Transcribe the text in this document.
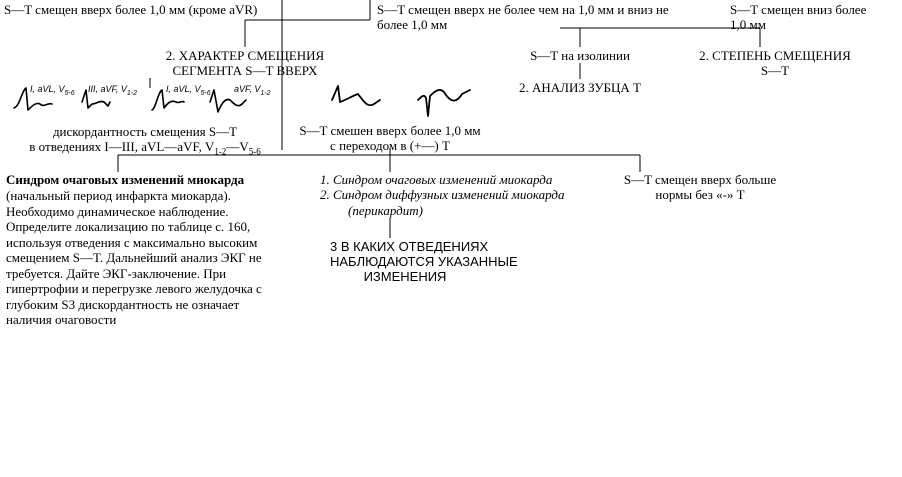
S—T смещен вверх более 1,0 мм (кроме aVR)	S—T смещен вверх не более чем на 1,0 мм и вниз не

более 1,0 мм

S—T смещен вниз более

1,0 мм

2. ХАРАКТЕР СМЕЩЕНИЯ

СЕГМЕНТА S—T ВВЕРХ

S—T на изолинии

2. АНАЛИЗ ЗУБЦА Т

2. СТЕПЕНЬ СМЕЩЕНИЯ

S—T

I, aVL, $V_{5-6}$ III, aVF, $V_{1-2}$	I, aVL, $V_{5-6}$	aVF, $V_{1-2}$

дискордантность смещения S—T

в отведениях I—III, aVL—aVF, $V_{1-2}—V_{5-6}$

S—T смешен вверх более 1,0 мм

с переходом в (+—) Т

Синдром очаговых изменений миокарда

(начальный период инфаркта миокарда).

Необходимо динамическое наблюдение.

Определите локализацию по таблице с. 160,

используя отведения с максимально высоким

смещением S—T. Дальнейший анализ ЭКГ не

требуется. Дайте ЭКГ-заключение. При

гипертрофии и перегрузке левого желудочка с

глубоким S3 дискордантность не означает

наличия очаговости

1. Синдром очаговых изменений миокарда

2. Синдром диффузных изменений миокарда

(перикардит)

3 В КАКИХ ОТВЕДЕНИЯХ

НАБЛЮДАЮТСЯ УКАЗАННЫЕ

ИЗМЕНЕНИЯ

S—T смещен вверх больше

нормы без «-» Т
